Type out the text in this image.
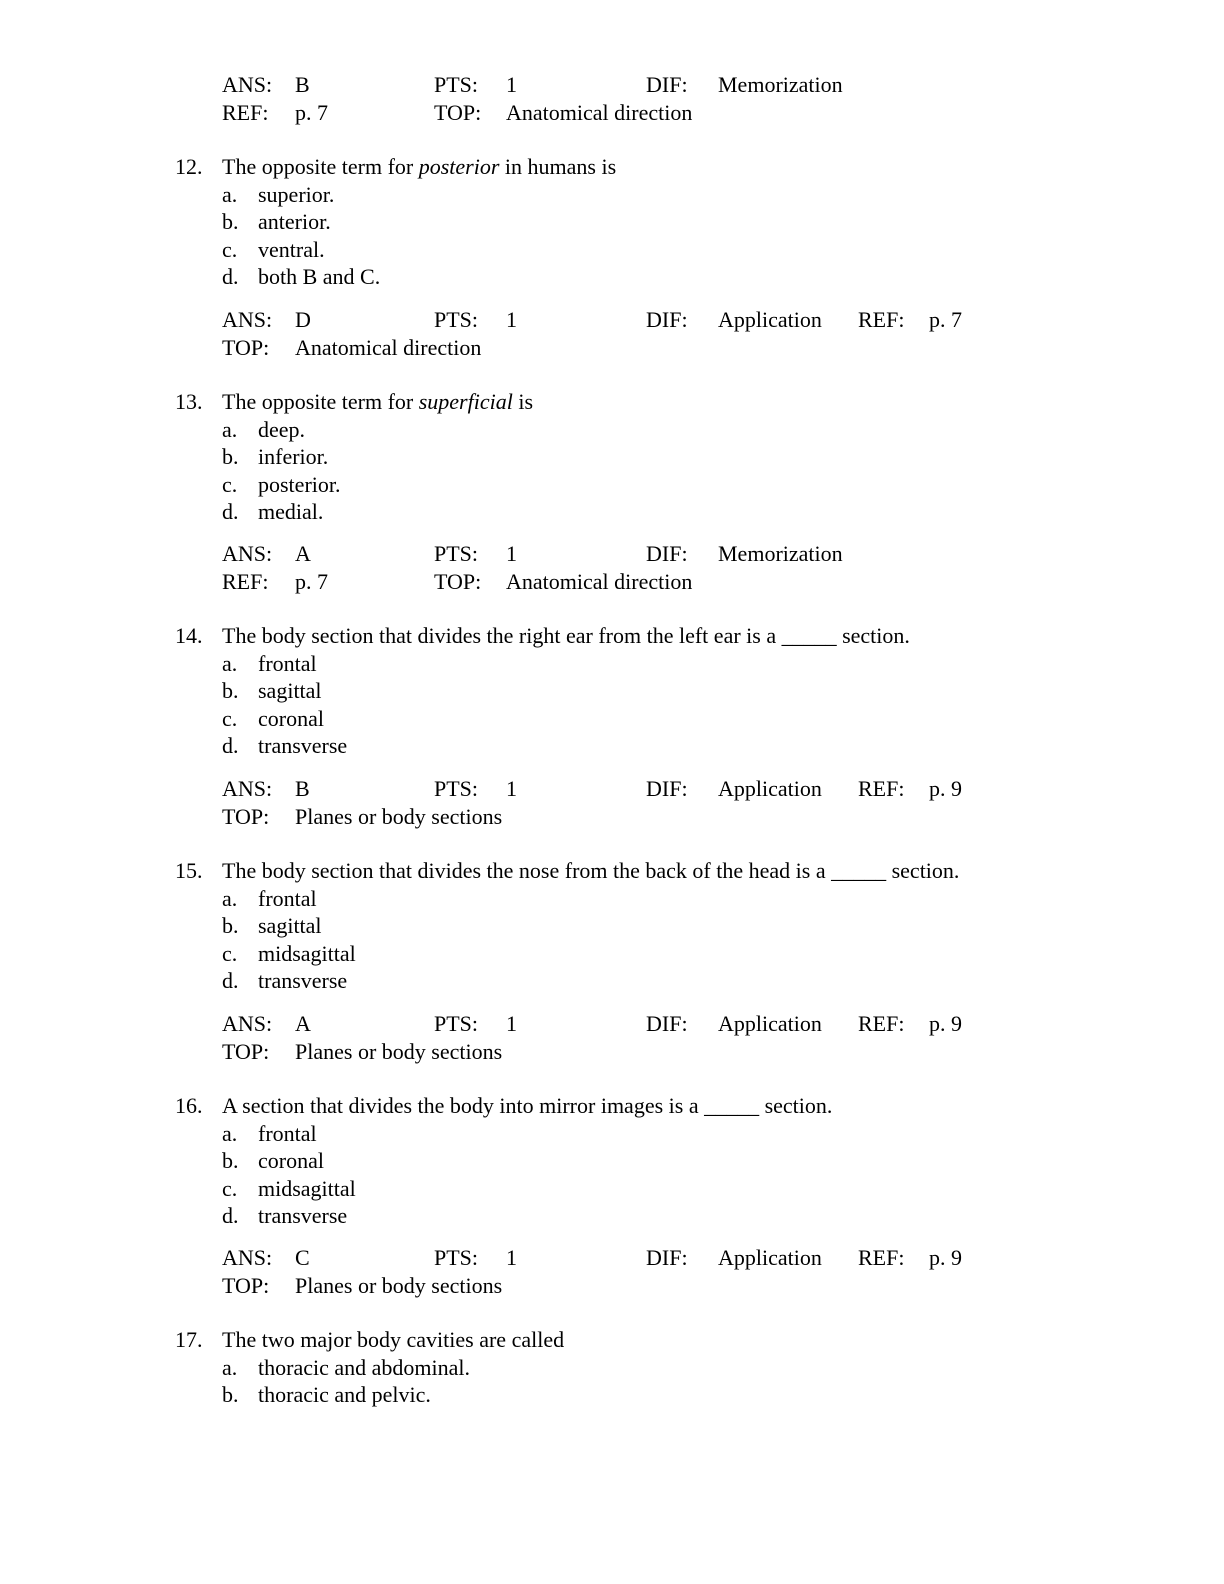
ANS: B	PTS: 1	DIF: Memorization
REF: p. 7	TOP: Anatomical direction
12. The opposite term for posterior in humans is
a. superior.
b. anterior.
c. ventral.
d. both B and C.
ANS: D	PTS: 1	DIF: Application REF: p. 7
TOP: Anatomical direction
13. The opposite term for superficial is
a. deep.
b. inferior.
c. posterior.
d. medial.
ANS: A	PTS: 1	DIF: Memorization
REF: p. 7	TOP: Anatomical direction
14. The body section that divides the right ear from the left ear is a _____ section.
a. frontal
b. sagittal
c. coronal
d. transverse
ANS: B	PTS: 1	DIF: Application REF: p. 9
TOP: Planes or body sections
15. The body section that divides the nose from the back of the head is a _____ section.
a. frontal
b. sagittal
c. midsagittal
d. transverse
ANS: A	PTS: 1	DIF: Application REF: p. 9
TOP: Planes or body sections
16. A section that divides the body into mirror images is a _____ section.
a. frontal
b. coronal
c. midsagittal
d. transverse
ANS: C	PTS: 1	DIF: Application REF: p. 9
TOP: Planes or body sections
17. The two major body cavities are called
a. thoracic and abdominal.
b. thoracic and pelvic.
